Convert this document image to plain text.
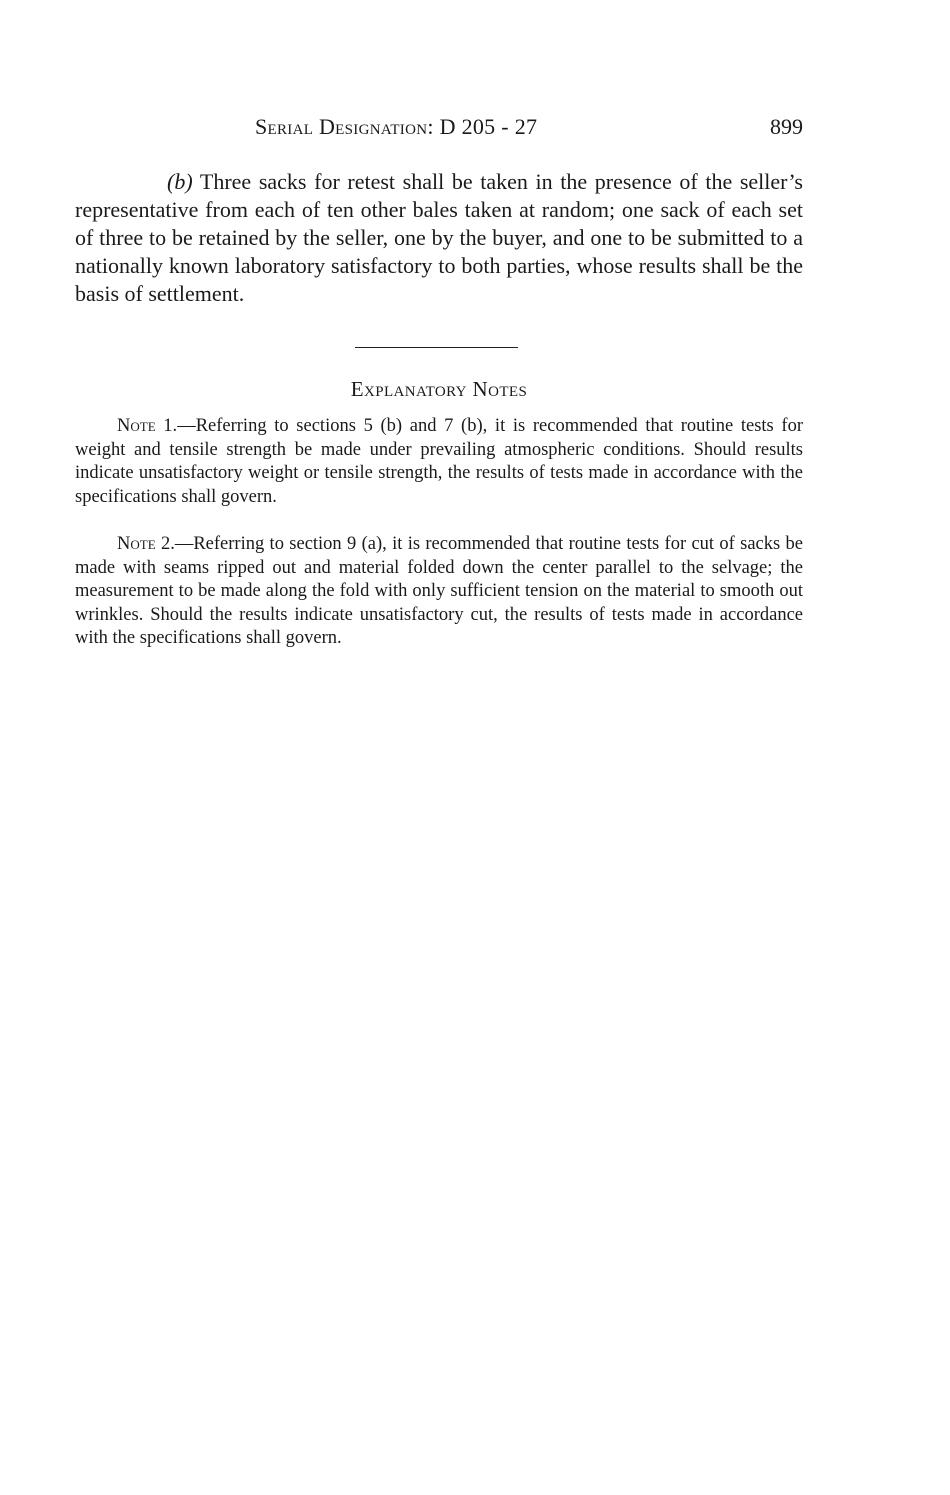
Serial Designation: D 205 - 27	899

(b) Three sacks for retest shall be taken in the presence of the seller’s representative from each of ten other bales taken at random; one sack of each set of three to be retained by the seller, one by the buyer, and one to be submitted to a nationally known laboratory satisfactory to both parties, whose results shall be the basis of settlement.

Explanatory Notes

Note 1.—Referring to sections 5 (b) and 7 (b), it is recommended that routine tests for weight and tensile strength be made under prevailing atmospheric conditions. Should results indicate unsatisfactory weight or tensile strength, the results of tests made in accordance with the specifications shall govern.

Note 2.—Referring to section 9 (a), it is recommended that routine tests for cut of sacks be made with seams ripped out and material folded down the center parallel to the selvage; the measurement to be made along the fold with only sufficient tension on the material to smooth out wrinkles. Should the results indicate unsatisfactory cut, the results of tests made in accordance with the specifications shall govern.
